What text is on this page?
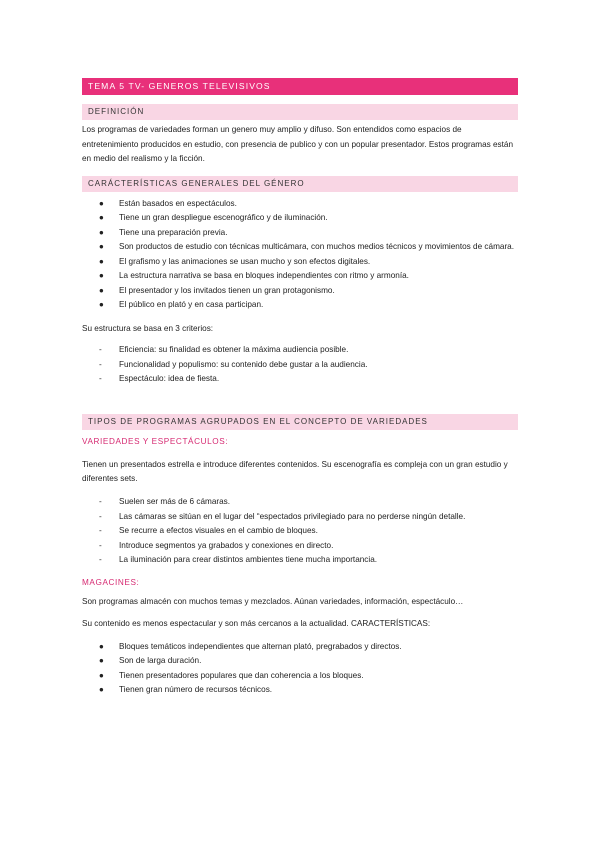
TEMA 5 TV- GENEROS TELEVISIVOS
DEFINICIÓN

Los programas de variedades forman un genero muy amplio y difuso. Son entendidos como espacios de entretenimiento producidos en estudio, con presencia de publico y con un popular presentador. Estos programas están en medio del realismo y la ficción.

CARÁCTERÍSTICAS GENERALES DEL GÉNERO
● Están basados en espectáculos.
● Tiene un gran despliegue escenográfico y de iluminación.
● Tiene una preparación previa.
● Son productos de estudio con técnicas multicámara, con muchos medios técnicos y movimientos de cámara.
● El grafismo y las animaciones se usan mucho y son efectos digitales.
● La estructura narrativa se basa en bloques independientes con ritmo y armonía.
● El presentador y los invitados tienen un gran protagonismo.
● El público en plató y en casa participan.

Su estructura se basa en 3 criterios:

- Eficiencia: su finalidad es obtener la máxima audiencia posible.
- Funcionalidad y populismo: su contenido debe gustar a la audiencia.
- Espectáculo: idea de fiesta.
TIPOS DE PROGRAMAS AGRUPADOS EN EL CONCEPTO DE VARIEDADES
VARIEDADES Y ESPECTÁCULOS:

Tienen un presentados estrella e introduce diferentes contenidos. Su escenografía es compleja con un gran estudio y diferentes sets.

- Suelen ser más de 6 cámaras.
- Las cámaras se sitúan en el lugar del “espectados privilegiado para no perderse ningún detalle.
- Se recurre a efectos visuales en el cambio de bloques.
- Introduce segmentos ya grabados y conexiones en directo.
- La iluminación para crear distintos ambientes tiene mucha importancia.
MAGACINES:

Son programas almacén con muchos temas y mezclados. Aúnan variedades, información, espectáculo…

Su contenido es menos espectacular y son más cercanos a la actualidad. CARACTERÍSTICAS:

● Bloques temáticos independientes que alternan plató, pregrabados y directos.
● Son de larga duración.
● Tienen presentadores populares que dan coherencia a los bloques.
● Tienen gran número de recursos técnicos.
